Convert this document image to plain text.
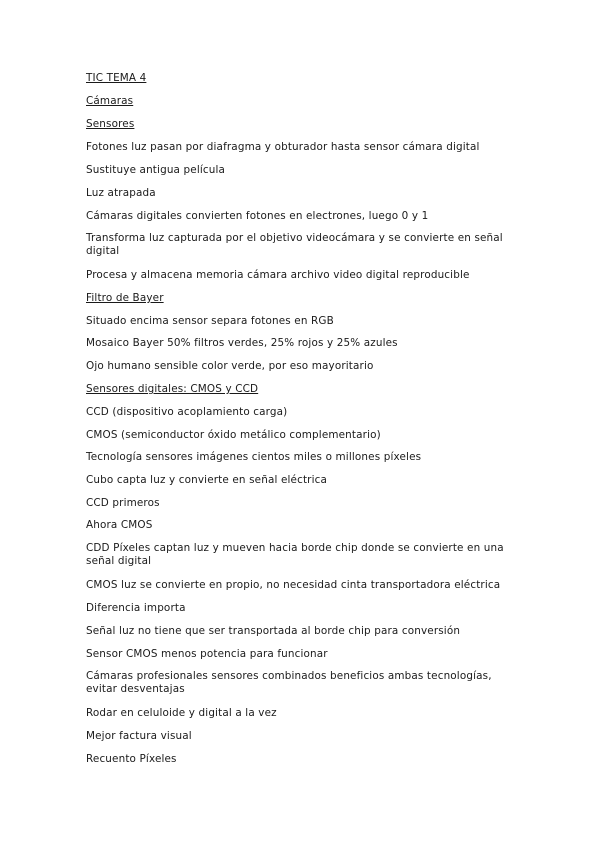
TIC TEMA 4

Cámaras

Sensores

Fotones luz pasan por diafragma y obturador hasta sensor cámara digital

Sustituye antigua película

Luz atrapada

Cámaras digitales convierten fotones en electrones, luego 0 y 1

Transforma luz capturada por el objetivo videocámara y se convierte en señal digital

Procesa y almacena memoria cámara archivo video digital reproducible

Filtro de Bayer

Situado encima sensor separa fotones en RGB

Mosaico Bayer 50% filtros verdes, 25% rojos y 25% azules

Ojo humano sensible color verde, por eso mayoritario

Sensores digitales: CMOS y CCD

CCD (dispositivo acoplamiento carga)

CMOS (semiconductor óxido metálico complementario)

Tecnología sensores imágenes cientos miles o millones píxeles

Cubo capta luz y convierte en señal eléctrica

CCD primeros

Ahora CMOS

CDD Píxeles captan luz y mueven hacia borde chip donde se convierte en una señal digital

CMOS luz se convierte en propio, no necesidad cinta transportadora eléctrica

Diferencia importa

Señal luz no tiene que ser transportada al borde chip para conversión

Sensor CMOS menos potencia para funcionar

Cámaras profesionales sensores combinados beneficios ambas tecnologías, evitar desventajas

Rodar en celuloide y digital a la vez

Mejor factura visual

Recuento Píxeles
